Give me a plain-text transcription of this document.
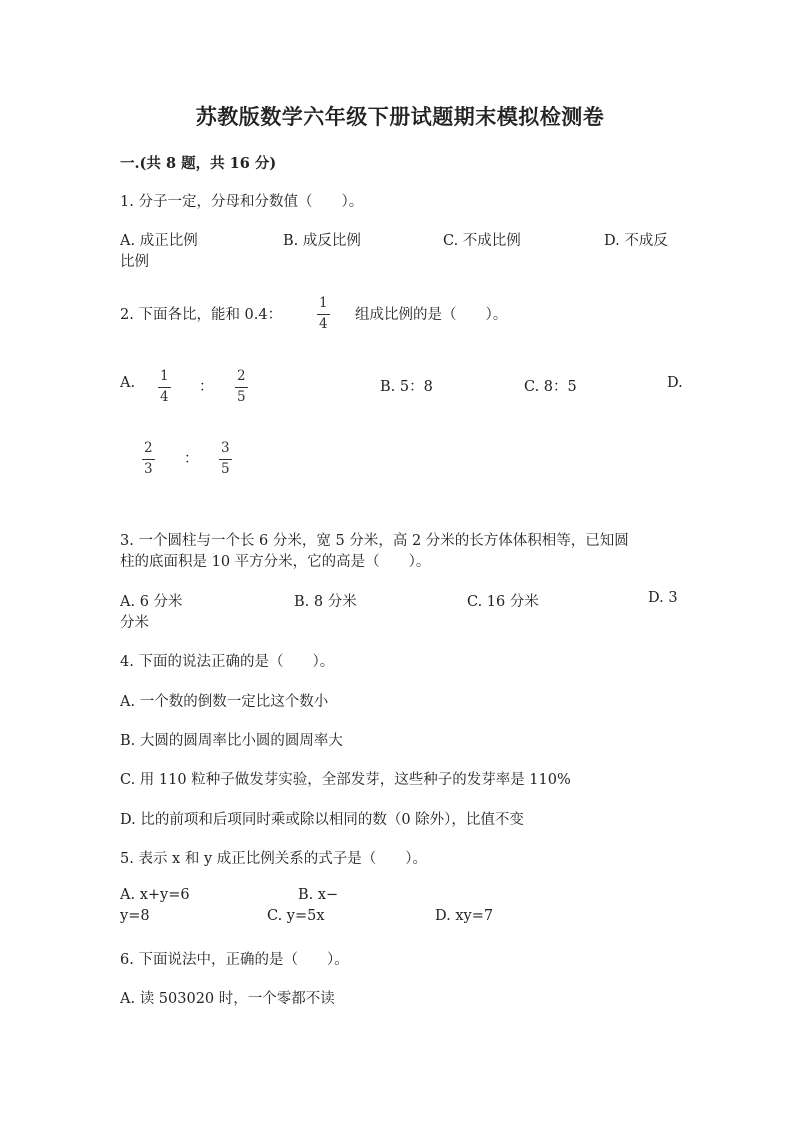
苏教版数学六年级下册试题期末模拟检测卷
一.(共 8 题，共 16 分)
1. 分子一定，分母和分数值（　　）。
A. 成正比例	B. 成反比例	C. 不成比例	D. 不成反
比例
2. 下面各比，能和 0.4：
1
4
组成比例的是（　　）。
A. 1
4
：
2
5
B. 5：8	C. 8：5	D.
2
3
：
3
5
3. 一个圆柱与一个长 6 分米，宽 5 分米，高 2 分米的长方体体积相等，已知圆
柱的底面积是 10 平方分米，它的高是（　　）。
A. 6 分米	B. 8 分米	C. 16 分米	D. 3
分米
4. 下面的说法正确的是（　　）。
A. 一个数的倒数一定比这个数小
B. 大圆的圆周率比小圆的圆周率大
C. 用 110 粒种子做发芽实验，全部发芽，这些种子的发芽率是 110%
D. 比的前项和后项同时乘或除以相同的数（0 除外），比值不变
5. 表示 x 和 y 成正比例关系的式子是（　　）。
A. x+y=6	B. x−
y=8	C. y=5x	D. xy=7
6. 下面说法中，正确的是（　　）。
A. 读 503020 时，一个零都不读
